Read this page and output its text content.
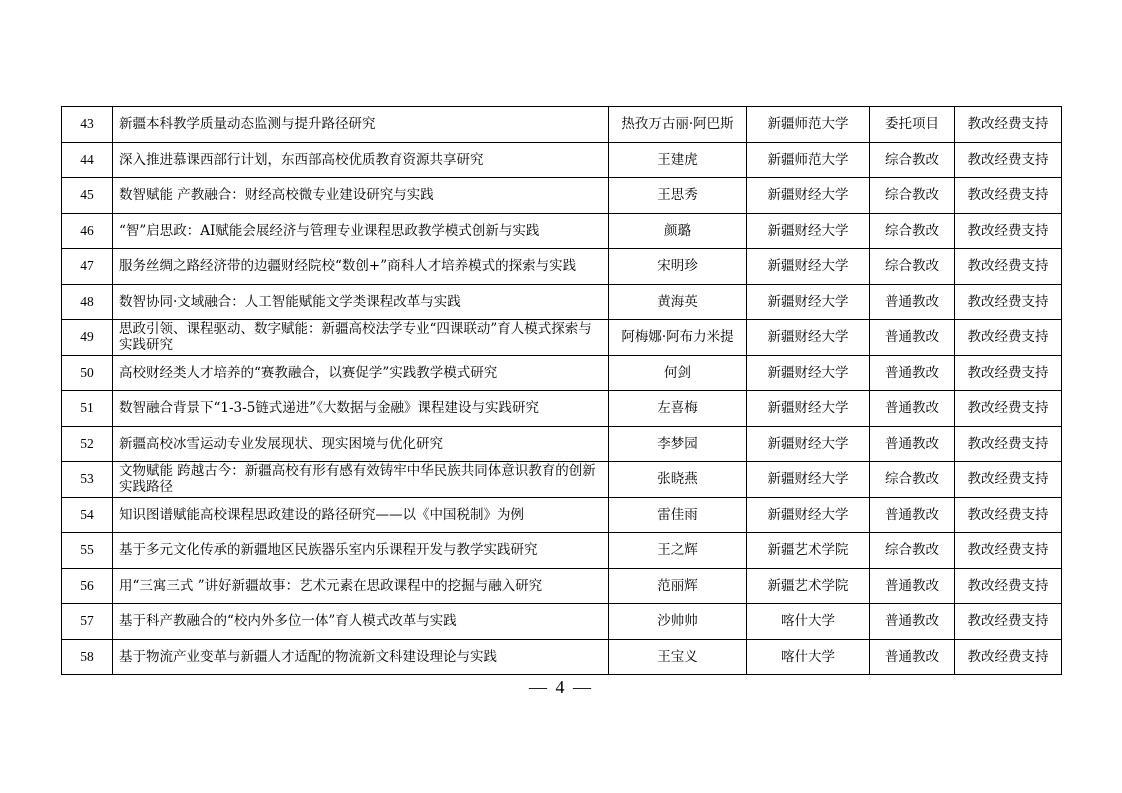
43	新疆本科教学质量动态监测与提升路径研究	热孜万古丽·阿巴斯	新疆师范大学	委托项目	教改经费支持
44	深入推进慕课西部行计划，东西部高校优质教育资源共享研究	王建虎	新疆师范大学	综合教改	教改经费支持
45	数智赋能 产教融合：财经高校微专业建设研究与实践	王思秀	新疆财经大学	综合教改	教改经费支持
46	“智”启思政：AI赋能会展经济与管理专业课程思政教学模式创新与实践	颜璐	新疆财经大学	综合教改	教改经费支持
47	服务丝绸之路经济带的边疆财经院校“数创+”商科人才培养模式的探索与实践	宋明珍	新疆财经大学	综合教改	教改经费支持
48	数智协同·文域融合：人工智能赋能文学类课程改革与实践	黄海英	新疆财经大学	普通教改	教改经费支持
49	思政引领、课程驱动、数字赋能：新疆高校法学专业“四课联动”育人模式探索与实践研究	阿梅娜·阿布力米提	新疆财经大学	普通教改	教改经费支持
50	高校财经类人才培养的“赛教融合，以赛促学”实践教学模式研究	何剑	新疆财经大学	普通教改	教改经费支持
51	数智融合背景下“1-3-5链式递进”《大数据与金融》课程建设与实践研究	左喜梅	新疆财经大学	普通教改	教改经费支持
52	新疆高校冰雪运动专业发展现状、现实困境与优化研究	李梦园	新疆财经大学	普通教改	教改经费支持
53	文物赋能 跨越古今：新疆高校有形有感有效铸牢中华民族共同体意识教育的创新实践路径	张晓燕	新疆财经大学	综合教改	教改经费支持
54	知识图谱赋能高校课程思政建设的路径研究——以《中国税制》为例	雷佳雨	新疆财经大学	普通教改	教改经费支持
55	基于多元文化传承的新疆地区民族器乐室内乐课程开发与教学实践研究	王之辉	新疆艺术学院	综合教改	教改经费支持
56	用“三寓三式 ”讲好新疆故事：艺术元素在思政课程中的挖掘与融入研究	范丽辉	新疆艺术学院	普通教改	教改经费支持
57	基于科产教融合的“校内外多位一体”育人模式改革与实践	沙帅帅	喀什大学	普通教改	教改经费支持
58	基于物流产业变革与新疆人才适配的物流新文科建设理论与实践	王宝义	喀什大学	普通教改	教改经费支持
— 4 —
